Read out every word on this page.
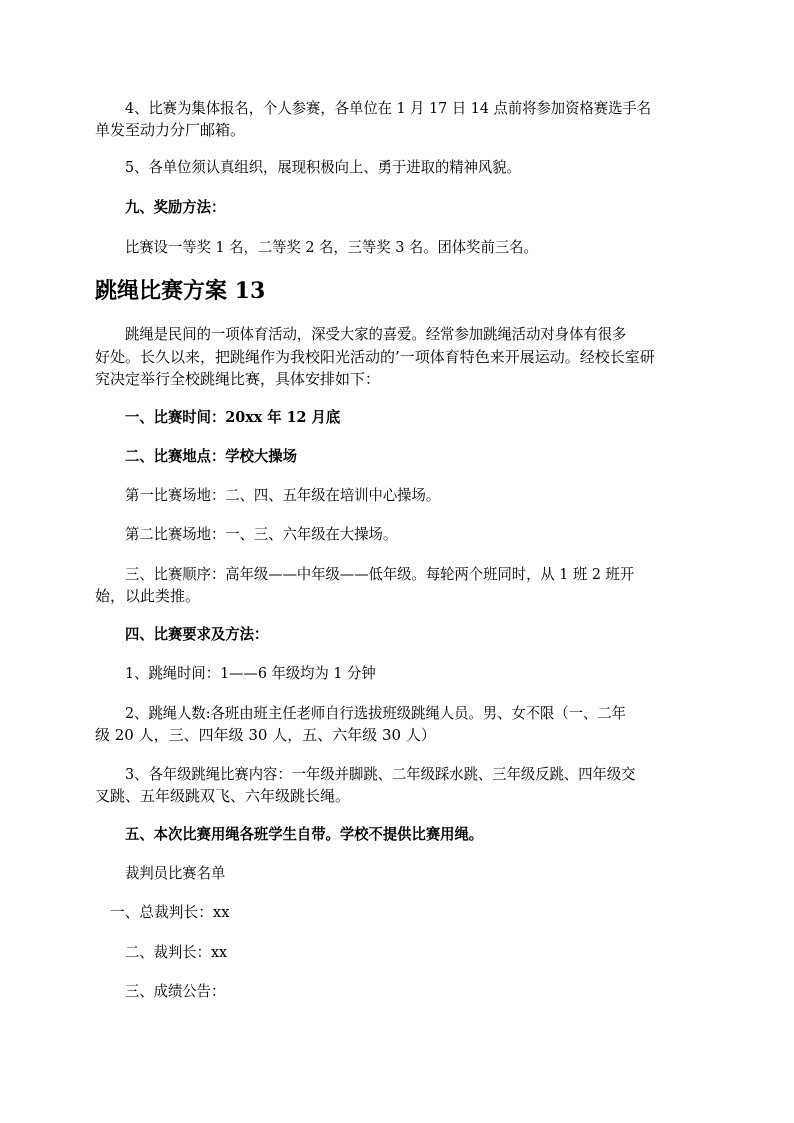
4、比赛为集体报名，个人参赛，各单位在 1 月 17 日 14 点前将参加资格赛选手名

单发至动力分厂邮箱。

5、各单位须认真组织，展现积极向上、勇于进取的精神风貌。

九、奖励方法：

比赛设一等奖 1 名，二等奖 2 名，三等奖 3 名。团体奖前三名。

跳绳比赛方案 13

跳绳是民间的一项体育活动，深受大家的喜爱。经常参加跳绳活动对身体有很多

好处。长久以来，把跳绳作为我校阳光活动的’一项体育特色来开展运动。经校长室研

究决定举行全校跳绳比赛，具体安排如下：

一、比赛时间：20xx 年 12 月底

二、比赛地点：学校大操场

第一比赛场地：二、四、五年级在培训中心操场。

第二比赛场地：一、三、六年级在大操场。

三、比赛顺序：高年级——中年级——低年级。每轮两个班同时，从 1 班 2 班开

始，以此类推。

四、比赛要求及方法：

1、跳绳时间：1——6 年级均为 1 分钟

2、跳绳人数:各班由班主任老师自行选拔班级跳绳人员。男、女不限（一、二年

级 20 人，三、四年级 30 人，五、六年级 30 人）

3、各年级跳绳比赛内容：一年级并脚跳、二年级踩水跳、三年级反跳、四年级交

叉跳、五年级跳双飞、六年级跳长绳。

五、本次比赛用绳各班学生自带。学校不提供比赛用绳。

裁判员比赛名单

一、总裁判长：xx

二、裁判长：xx

三、成绩公告：
